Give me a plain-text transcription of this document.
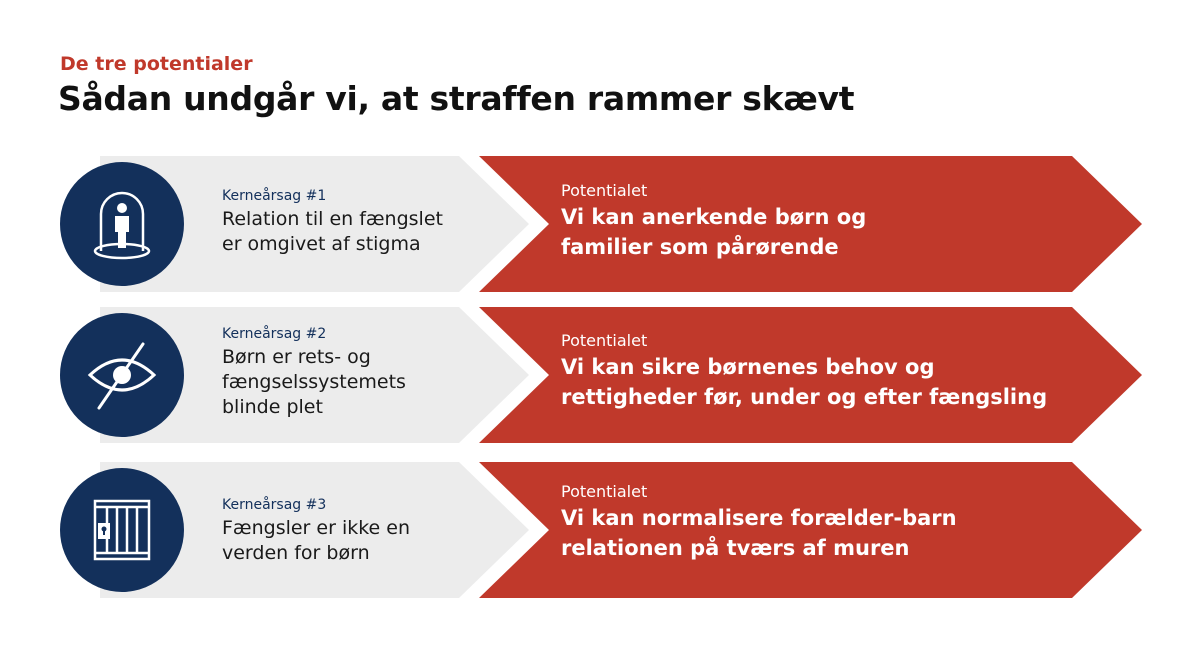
De tre potentialer
Sådan undgår vi, at straffen rammer skævt
Kerneårsag #1
Relation til en fængslet
er omgivet af stigma
Potentialet
Vi kan anerkende børn og
familier som pårørende
Kerneårsag #2
Børn er rets- og
fængselssystemets
blinde plet
Potentialet
Vi kan sikre børnenes behov og
rettigheder før, under og efter fængsling
Kerneårsag #3
Fængsler er ikke en
verden for børn
Potentialet
Vi kan normalisere forælder-barn
relationen på tværs af muren
